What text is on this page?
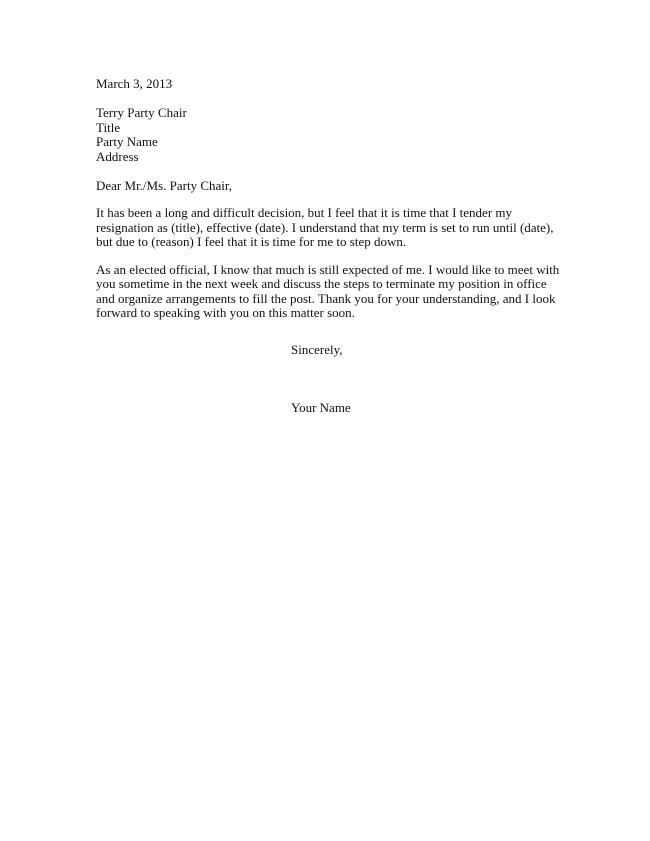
March 3, 2013
Terry Party Chair
Title
Party Name
Address
Dear Mr./Ms. Party Chair,
It has been a long and difficult decision, but I feel that it is time that I tender my
resignation as (title), effective (date). I understand that my term is set to run until (date),
but due to (reason) I feel that it is time for me to step down.
As an elected official, I know that much is still expected of me. I would like to meet with
you sometime in the next week and discuss the steps to terminate my position in office
and organize arrangements to fill the post. Thank you for your understanding, and I look
forward to speaking with you on this matter soon.
Sincerely,
Your Name
